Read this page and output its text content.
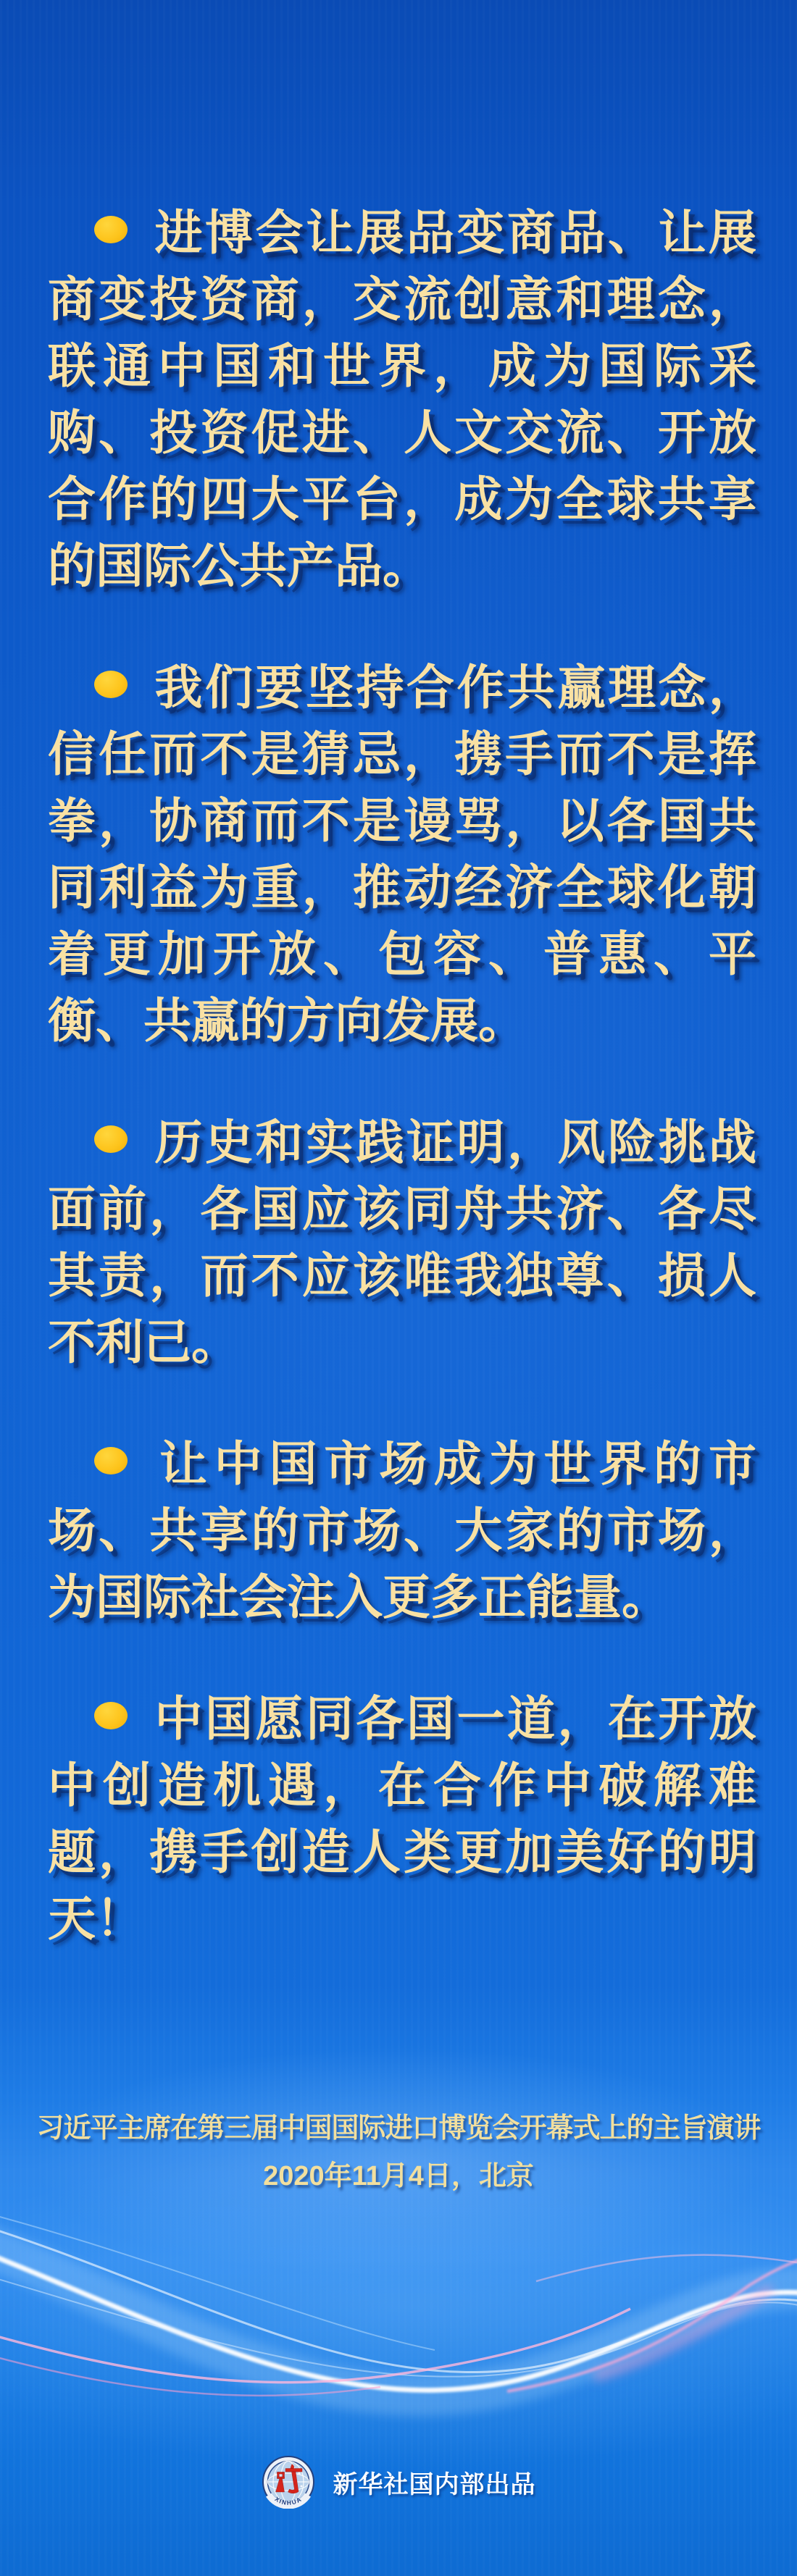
进博会让展品变商品、让展商变投资商，交流创意和理念，联通中国和世界，成为国际采购、投资促进、人文交流、开放合作的四大平台，成为全球共享的国际公共产品。

我们要坚持合作共赢理念，信任而不是猜忌，携手而不是挥拳，协商而不是谩骂，以各国共同利益为重，推动经济全球化朝着更加开放、包容、普惠、平衡、共赢的方向发展。

历史和实践证明，风险挑战面前，各国应该同舟共济、各尽其责，而不应该唯我独尊、损人不利己。

让中国市场成为世界的市场、共享的市场、大家的市场，为国际社会注入更多正能量。

中国愿同各国一道，在开放中创造机遇，在合作中破解难题，携手创造人类更加美好的明天！

习近平主席在第三届中国国际进口博览会开幕式上的主旨演讲
2020年11月4日，北京
XINHUA
新华社国内部出品
